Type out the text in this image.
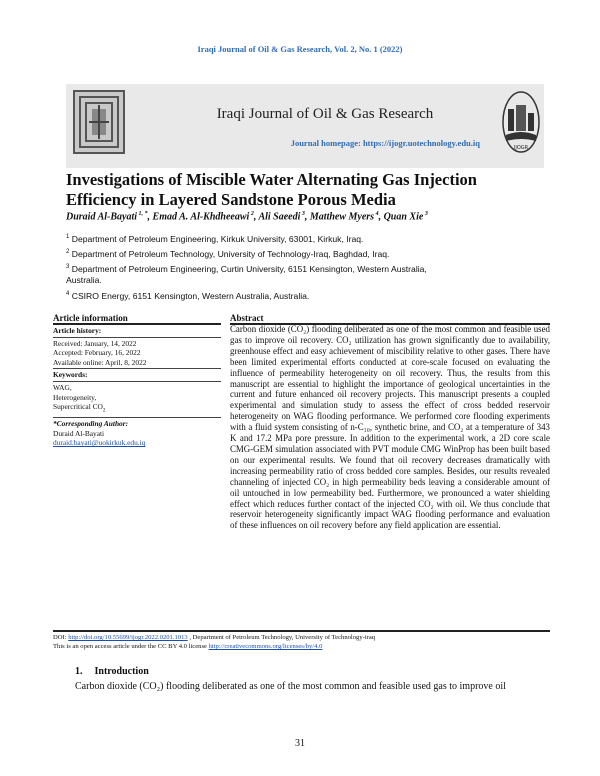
Iraqi Journal of Oil & Gas Research, Vol. 2, No. 1 (2022)
IJOGR
Iraqi Journal of Oil & Gas Research
Journal homepage: https://ijogr.uotechnology.edu.iq
Investigations of Miscible Water Alternating Gas Injection Efficiency in Layered Sandstone Porous Media
Duraid Al-Bayati $^{1, *}$, Emad A. Al-Khdheeawi $^2$, Ali Saeedi $^3$, Matthew Myers $^4$, Quan Xie $^3$
$^1$ Department of Petroleum Engineering, Kirkuk University, 63001, Kirkuk, Iraq.
$^2$ Department of Petroleum Technology, University of Technology-Iraq, Baghdad, Iraq.
$^3$ Department of Petroleum Engineering, Curtin University, 6151 Kensington, Western Australia,
Australia.
$^4$ CSIRO Energy, 6151 Kensington, Western Australia, Australia.
Article information
Article history:
Received: January, 14, 2022
Accepted: February, 16, 2022
Available online: April, 8, 2022
Keywords:
WAG,
Heterogeneity,
Supercritical $CO_2$
*Corresponding Author:
Duraid Al-Bayati
duraid.bayati@uokirkuk.edu.iq
Abstract
Carbon dioxide (CO₂) flooding deliberated as one of the most common and feasible used gas to improve oil recovery. CO₂ utilization has grown significantly due to availability, greenhouse effect and easy achievement of miscibility relative to other gases. There have been limited experimental efforts conducted at core-scale focused on evaluating the influence of permeability heterogeneity on oil recovery. Thus, the results from this manuscript are essential to highlight the importance of geological uncertainties in the current and future enhanced oil recovery projects. This manuscript presents a coupled experimental and simulation study to assess the effect of cross bedded reservoir heterogeneity on WAG flooding performance. We performed core flooding experiments with a fluid system consisting of n-C₁₀, synthetic brine, and CO₂ at a temperature of 343 K and 17.2 MPa pore pressure. In addition to the experimental work, a 2D core scale CMG-GEM simulation associated with PVT module CMG WinProp has been built based on our experimental results. We found that oil recovery decreases dramatically with increasing permeability ratio of cross bedded core samples. Besides, our results revealed channeling of injected CO₂ in high permeability beds leaving a considerable amount of oil untouched in low permeability bed. Furthermore, we pronounced a water shielding effect which reduces further contact of the injected CO₂ with oil. We thus conclude that reservoir heterogeneity significantly impact WAG flooding performance and evaluation of these influences on oil recovery before any field application are essential.
DOI: http://doi.org/10.55699/ijogr.2022.0201.1013 , Department of Petroleum Technology, University of Technology-iraq
This is an open access article under the CC BY 4.0 license http://creativecommons.org/licenses/by/4.0
1. Introduction
Carbon dioxide (CO₂) flooding deliberated as one of the most common and feasible used gas to improve oil
31
